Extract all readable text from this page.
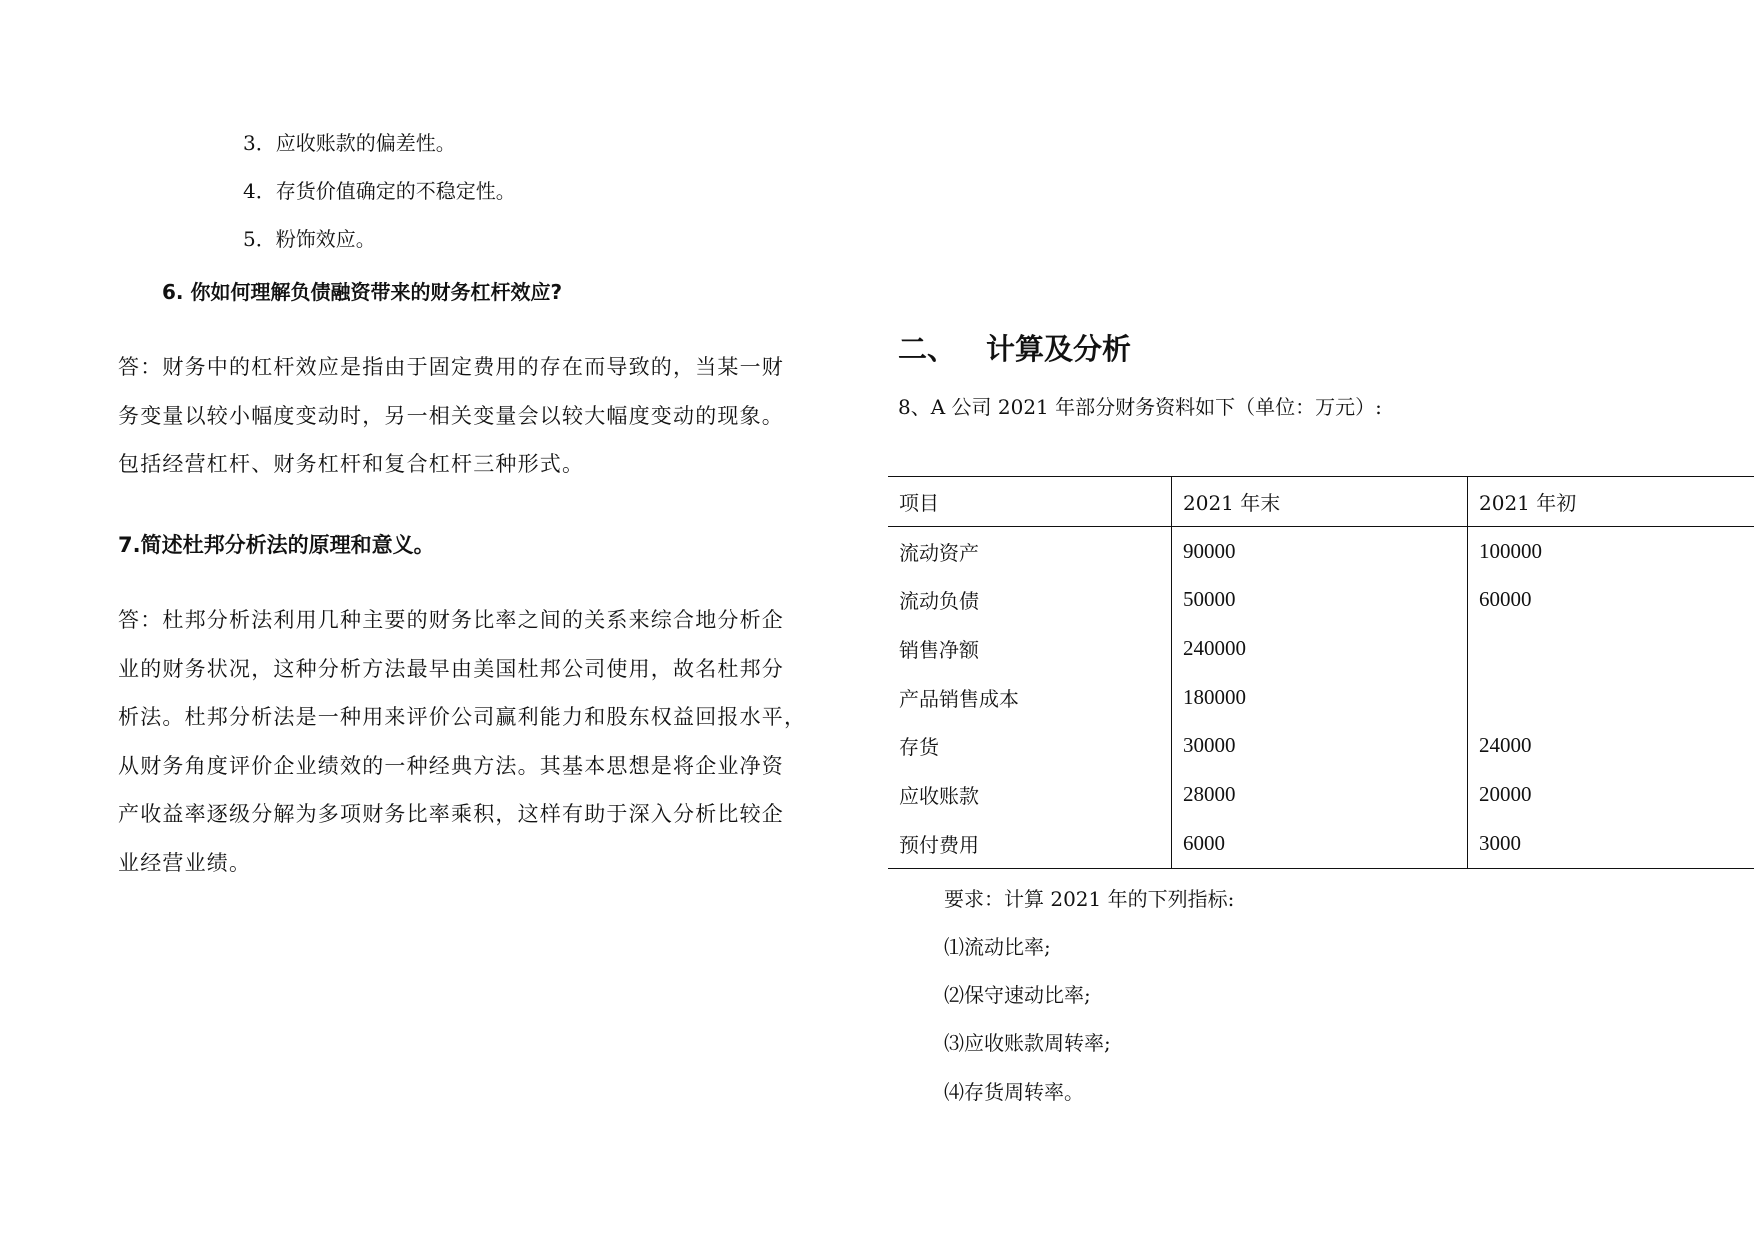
3．应收账款的偏差性。
4．存货价值确定的不稳定性。
5．粉饰效应。
6. 你如何理解负债融资带来的财务杠杆效应?
答：财务中的杠杆效应是指由于固定费用的存在而导致的，当某一财
务变量以较小幅度变动时，另一相关变量会以较大幅度变动的现象。
包括经营杠杆、财务杠杆和复合杠杆三种形式。
7.简述杜邦分析法的原理和意义。
答：杜邦分析法利用几种主要的财务比率之间的关系来综合地分析企
业的财务状况，这种分析方法最早由美国杜邦公司使用，故名杜邦分
析法。杜邦分析法是一种用来评价公司赢利能力和股东权益回报水平，
从财务角度评价企业绩效的一种经典方法。其基本思想是将企业净资
产收益率逐级分解为多项财务比率乘积，这样有助于深入分析比较企
业经营业绩。
二、 计算及分析
8、A 公司 2021 年部分财务资料如下（单位：万元）:
项目	2021 年末	2021 年初
流动资产	90000	100000
流动负债	50000	60000
销售净额	240000	
产品销售成本	180000	
存货	30000	24000
应收账款	28000	20000
预付费用	6000	3000
要求：计算 2021 年的下列指标:
⑴流动比率;
⑵保守速动比率;
⑶应收账款周转率;
⑷存货周转率。
